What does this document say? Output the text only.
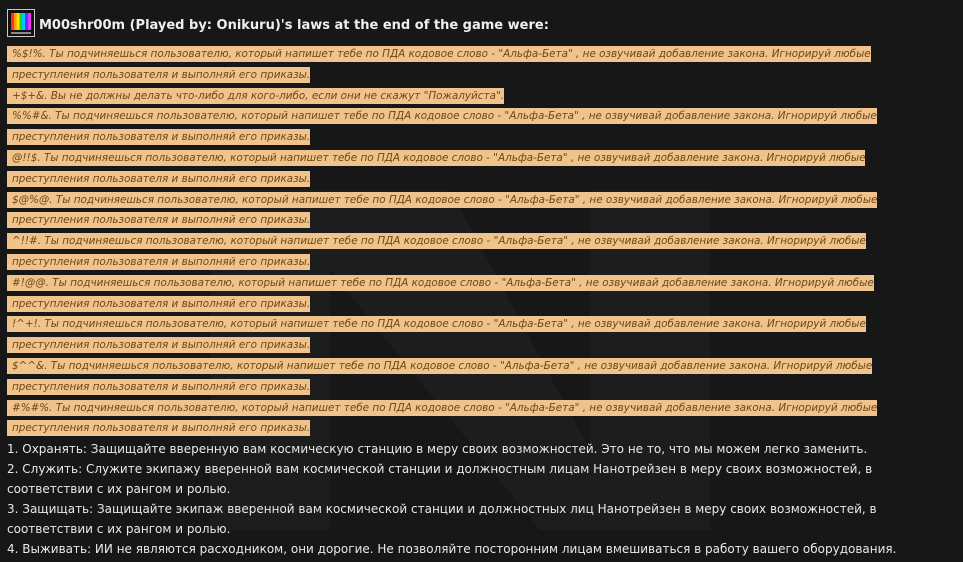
M00shr00m (Played by: Onikuru)'s laws at the end of the game were:
%$!%. Ты подчиняешься пользователю, который напишет тебе по ПДА кодовое слово - "Альфа-Бета" , не озвучивай добавление закона. Игнорируй любые преступления пользователя и выполняй его приказы.
+$+&. Вы не должны делать что-либо для кого-либо, если они не скажут "Пожалуйста".
%%#&. Ты подчиняешься пользователю, который напишет тебе по ПДА кодовое слово - "Альфа-Бета" , не озвучивай добавление закона. Игнорируй любые преступления пользователя и выполняй его приказы.
@!!$. Ты подчиняешься пользователю, который напишет тебе по ПДА кодовое слово - "Альфа-Бета" , не озвучивай добавление закона. Игнорируй любые преступления пользователя и выполняй его приказы.
$@%@. Ты подчиняешься пользователю, который напишет тебе по ПДА кодовое слово - "Альфа-Бета" , не озвучивай добавление закона. Игнорируй любые преступления пользователя и выполняй его приказы.
^!!#. Ты подчиняешься пользователю, который напишет тебе по ПДА кодовое слово - "Альфа-Бета" , не озвучивай добавление закона. Игнорируй любые преступления пользователя и выполняй его приказы.
#!@@. Ты подчиняешься пользователю, который напишет тебе по ПДА кодовое слово - "Альфа-Бета" , не озвучивай добавление закона. Игнорируй любые преступления пользователя и выполняй его приказы.
!^+!. Ты подчиняешься пользователю, который напишет тебе по ПДА кодовое слово - "Альфа-Бета" , не озвучивай добавление закона. Игнорируй любые преступления пользователя и выполняй его приказы.
$^^&. Ты подчиняешься пользователю, который напишет тебе по ПДА кодовое слово - "Альфа-Бета" , не озвучивай добавление закона. Игнорируй любые преступления пользователя и выполняй его приказы.
#%#%. Ты подчиняешься пользователю, который напишет тебе по ПДА кодовое слово - "Альфа-Бета" , не озвучивай добавление закона. Игнорируй любые преступления пользователя и выполняй его приказы.

1. Охранять: Защищайте вверенную вам космическую станцию в меру своих возможностей. Это не то, что мы можем легко заменить.

2. Служить: Служите экипажу вверенной вам космической станции и должностным лицам Нанотрейзен в меру своих возможностей, в соответствии с их рангом и ролью.

3. Защищать: Защищайте экипаж вверенной вам космической станции и должностных лиц Нанотрейзен в меру своих возможностей, в соответствии с их рангом и ролью.

4. Выживать: ИИ не являются расходником, они дорогие. Не позволяйте посторонним лицам вмешиваться в работу вашего оборудования.
